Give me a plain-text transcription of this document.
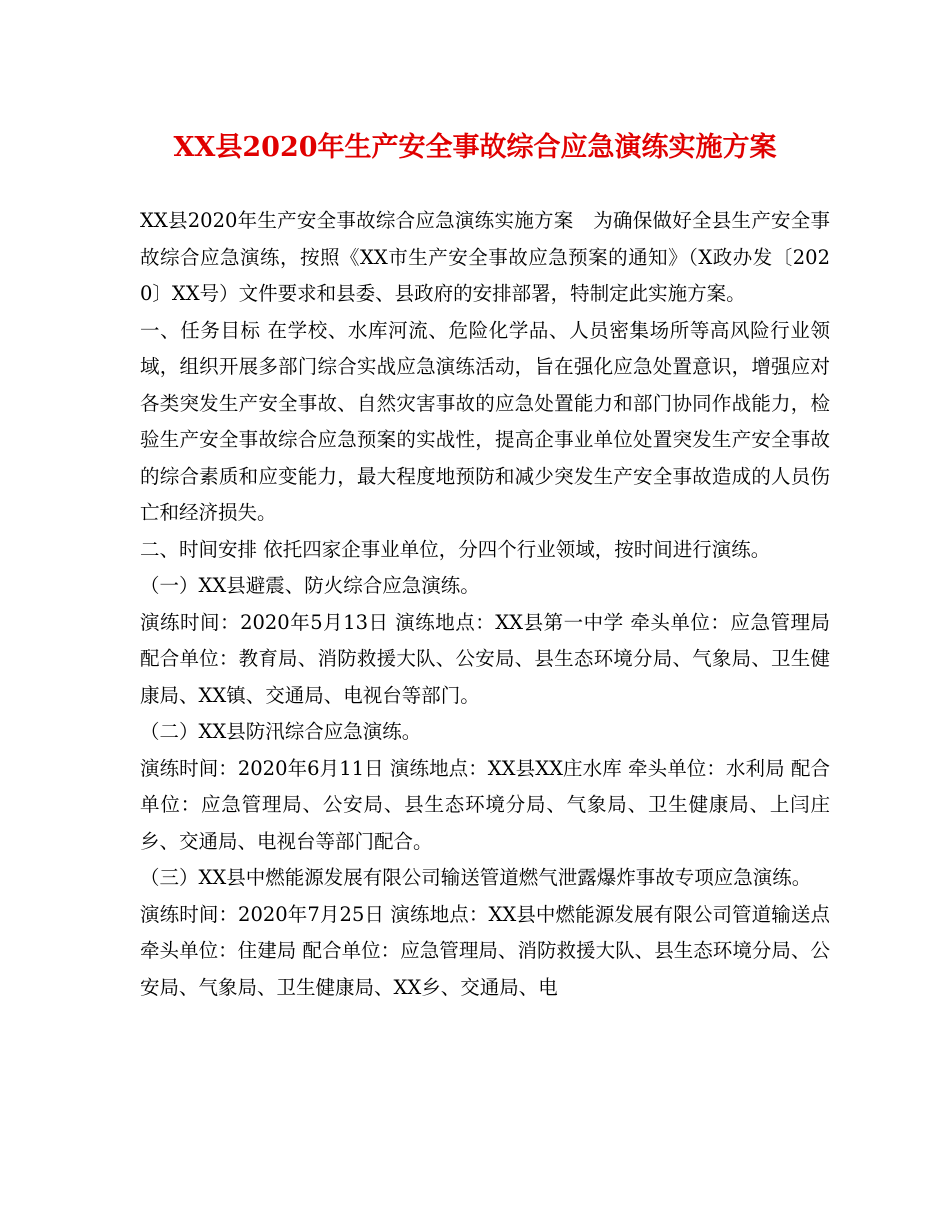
XX县2020年生产安全事故综合应急演练实施方案

XX县2020年生产安全事故综合应急演练实施方案　为确保做好全县生产安全事故综合应急演练，按照《XX市生产安全事故应急预案的通知》（X政办发〔2020〕XX号）文件要求和县委、县政府的安排部署，特制定此实施方案。

一、任务目标 在学校、水库河流、危险化学品、人员密集场所等高风险行业领域，组织开展多部门综合实战应急演练活动，旨在强化应急处置意识，增强应对各类突发生产安全事故、自然灾害事故的应急处置能力和部门协同作战能力，检验生产安全事故综合应急预案的实战性，提高企事业单位处置突发生产安全事故的综合素质和应变能力，最大程度地预防和减少突发生产安全事故造成的人员伤亡和经济损失。

二、时间安排 依托四家企事业单位，分四个行业领域，按时间进行演练。

（一）XX县避震、防火综合应急演练。

演练时间：2020年5月13日 演练地点：XX县第一中学 牵头单位：应急管理局 配合单位：教育局、消防救援大队、公安局、县生态环境分局、气象局、卫生健康局、XX镇、交通局、电视台等部门。

（二）XX县防汛综合应急演练。

演练时间：2020年6月11日 演练地点：XX县XX庄水库 牵头单位：水利局 配合单位：应急管理局、公安局、县生态环境分局、气象局、卫生健康局、上闫庄乡、交通局、电视台等部门配合。

（三）XX县中燃能源发展有限公司输送管道燃气泄露爆炸事故专项应急演练。

演练时间：2020年7月25日 演练地点：XX县中燃能源发展有限公司管道输送点 牵头单位：住建局 配合单位：应急管理局、消防救援大队、县生态环境分局、公安局、气象局、卫生健康局、XX乡、交通局、电
